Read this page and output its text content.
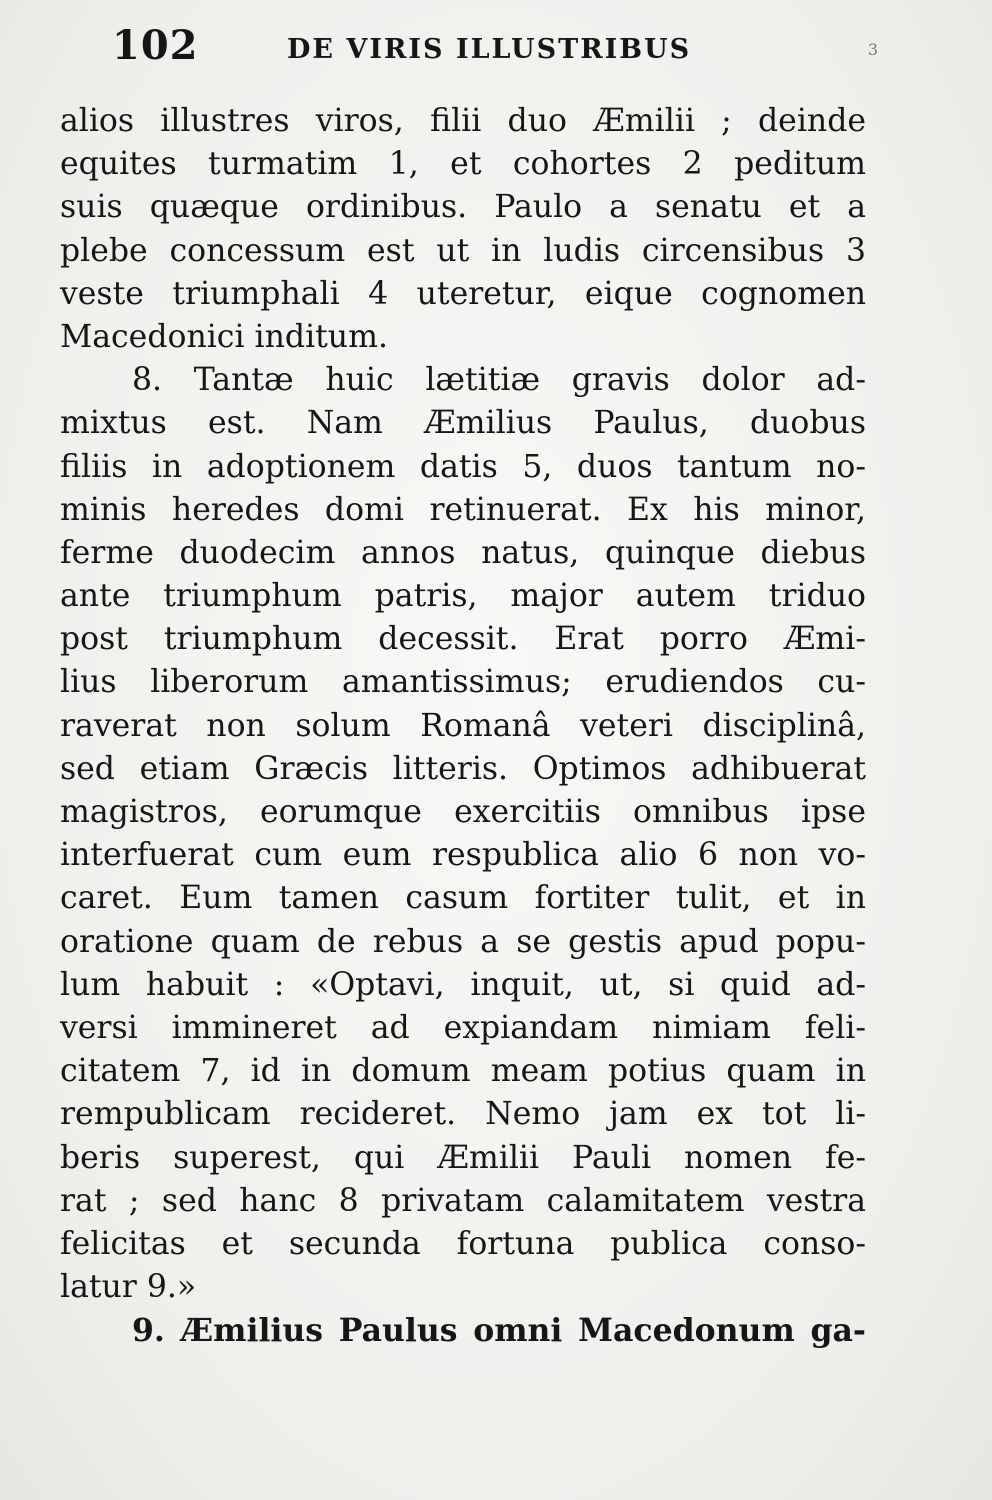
102	DE VIRIS ILLUSTRIBUS	3
alios illustres viros, filii duo Æmilii ; deinde
equites turmatim 1, et cohortes 2 peditum
suis quæque ordinibus. Paulo a senatu et a
plebe concessum est ut in ludis circensibus 3
veste triumphali 4 uteretur, eique cognomen
Macedonici inditum.
8. Tantæ huic lætitiæ gravis dolor ad-
mixtus est. Nam Æmilius Paulus, duobus
filiis in adoptionem datis 5, duos tantum no-
minis heredes domi retinuerat. Ex his minor,
ferme duodecim annos natus, quinque diebus
ante triumphum patris, major autem triduo
post triumphum decessit. Erat porro Æmi-
lius liberorum amantissimus; erudiendos cu-
raverat non solum Romanâ veteri disciplinâ,
sed etiam Græcis litteris. Optimos adhibuerat
magistros, eorumque exercitiis omnibus ipse
interfuerat cum eum respublica alio 6 non vo-
caret. Eum tamen casum fortiter tulit, et in
oratione quam de rebus a se gestis apud popu-
lum habuit : «Optavi, inquit, ut, si quid ad-
versi immineret ad expiandam nimiam feli-
citatem 7, id in domum meam potius quam in
rempublicam recideret. Nemo jam ex tot li-
beris superest, qui Æmilii Pauli nomen fe-
rat ; sed hanc 8 privatam calamitatem vestra
felicitas et secunda fortuna publica conso-
latur 9.»
9. Æmilius Paulus omni Macedonum ga-
